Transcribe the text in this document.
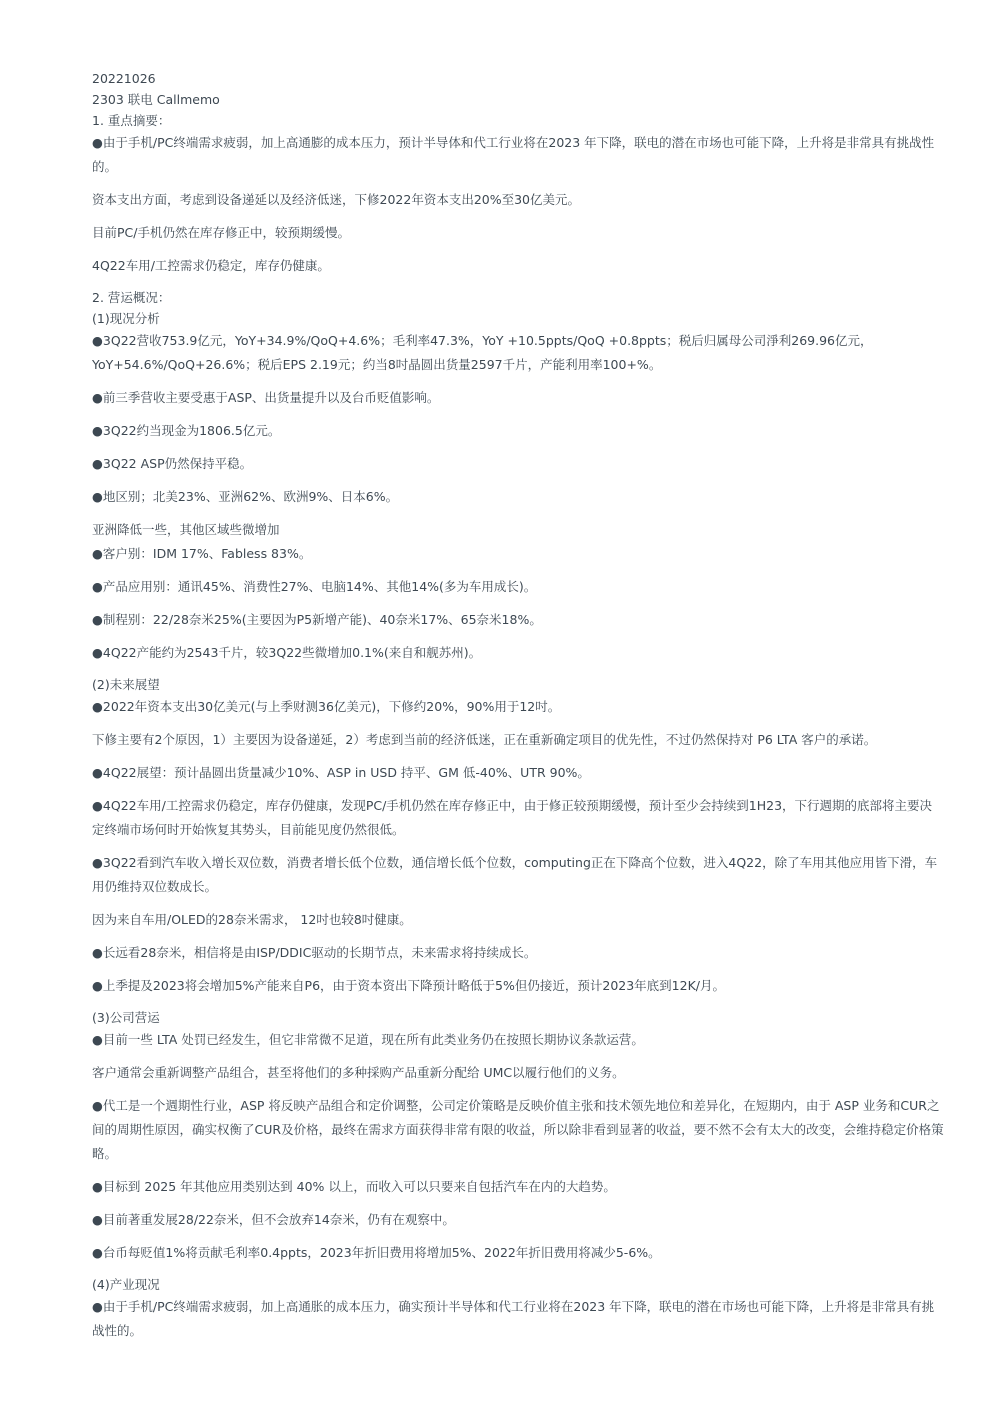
20221026
2303 联电 Callmemo
1. 重点摘要：
●由于手机/PC终端需求疲弱，加上高通膨的成本压力，预计半导体和代工行业将在2023 年下降，联电的潜在市场也可能下降，上升将是非常具有挑战性的。
资本支出方面，考虑到设备递延以及经济低迷，下修2022年资本支出20%至30亿美元。
目前PC/手机仍然在库存修正中，较预期缓慢。
4Q22车用/工控需求仍稳定，库存仍健康。
2. 营运概况：
(1)现况分析
●3Q22营收753.9亿元，YoY+34.9%/QoQ+4.6%；毛利率47.3%，YoY +10.5ppts/QoQ +0.8ppts；税后归属母公司淨利269.96亿元，YoY+54.6%/QoQ+26.6%；税后EPS 2.19元；约当8吋晶圆出货量2597千片，产能利用率100+%。
●前三季营收主要受惠于ASP、出货量提升以及台币贬值影响。
●3Q22约当现金为1806.5亿元。
●3Q22 ASP仍然保持平稳。
●地区别；北美23%、亚洲62%、欧洲9%、日本6%。
亚洲降低一些，其他区域些微增加
●客户别：IDM 17%、Fabless 83%。
●产品应用别：通讯45%、消费性27%、电脑14%、其他14%(多为车用成长)。
●制程别：22/28奈米25%(主要因为P5新增产能)、40奈米17%、65奈米18%。
●4Q22产能约为2543千片，较3Q22些微增加0.1%(来自和舰苏州)。
(2)未来展望
●2022年资本支出30亿美元(与上季财测36亿美元)，下修约20%，90%用于12吋。
下修主要有2个原因，1）主要因为设备递延，2）考虑到当前的经济低迷，正在重新确定项目的优先性，不过仍然保持对 P6 LTA 客户的承诺。
●4Q22展望：预计晶圆出货量减少10%、ASP in USD 持平、GM 低-40%、UTR 90%。
●4Q22车用/工控需求仍稳定，库存仍健康，发现PC/手机仍然在库存修正中，由于修正较预期缓慢，预计至少会持续到1H23，下行週期的底部将主要决定终端市场何时开始恢复其势头，目前能见度仍然很低。
●3Q22看到汽车收入增长双位数，消费者增长低个位数，通信增长低个位数，computing正在下降高个位数，进入4Q22，除了车用其他应用皆下滑，车用仍维持双位数成长。
因为来自车用/OLED的28奈米需求， 12吋也较8吋健康。
●长远看28奈米，相信将是由ISP/DDIC驱动的长期节点，未来需求将持续成长。
●上季提及2023将会增加5%产能来自P6，由于资本资出下降预计略低于5%但仍接近，预计2023年底到12K/月。
(3)公司营运
●目前一些 LTA 处罚已经发生，但它非常微不足道，现在所有此类业务仍在按照长期协议条款运营。
客户通常会重新调整产品组合，甚至将他们的多种採购产品重新分配给 UMC以履行他们的义务。
●代工是一个週期性行业，ASP 将反映产品组合和定价调整，公司定价策略是反映价值主张和技术领先地位和差异化，在短期内，由于 ASP 业务和CUR之间的周期性原因，确实权衡了CUR及价格，最终在需求方面获得非常有限的收益，所以除非看到显著的收益，要不然不会有太大的改变，会维持稳定价格策略。
●目标到 2025 年其他应用类别达到 40% 以上，而收入可以只要来自包括汽车在内的大趋势。
●目前著重发展28/22奈米，但不会放弃14奈米，仍有在观察中。
●台币每贬值1%将贡献毛利率0.4ppts，2023年折旧费用将增加5%、2022年折旧费用将减少5-6%。
(4)产业现况
●由于手机/PC终端需求疲弱，加上高通胀的成本压力，确实预计半导体和代工行业将在2023 年下降，联电的潜在市场也可能下降，上升将是非常具有挑战性的。
